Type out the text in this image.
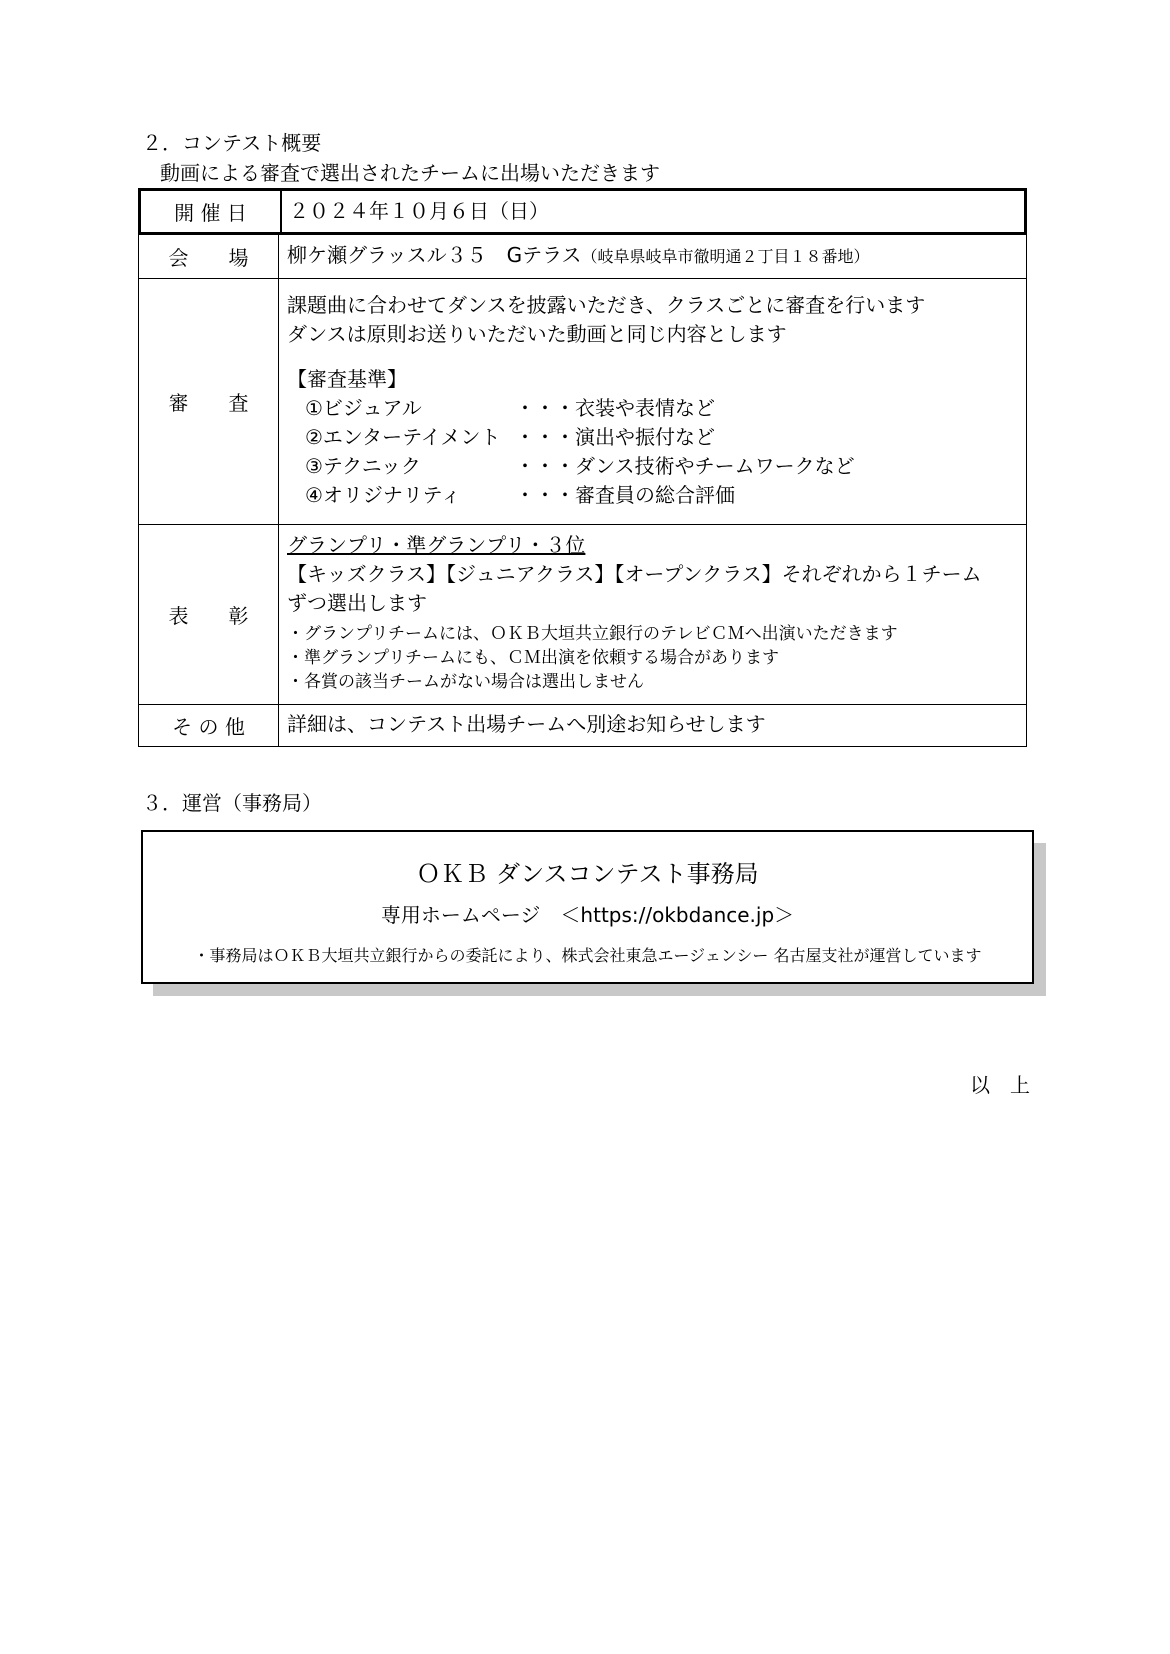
２．コンテスト概要
動画による審査で選出されたチームに出場いただきます
開 催 日 ２０２４年１０月６日（日）
会　　場 柳ケ瀬グラッスル３５　Gテラス（岐阜県岐阜市徹明通２丁目１８番地）
審　　査
課題曲に合わせてダンスを披露いただき、クラスごとに審査を行います
ダンスは原則お送りいただいた動画と同じ内容とします
【審査基準】
①ビジュアル	・・・衣装や表情など
②エンターテイメント ・・・演出や振付など
③テクニック	・・・ダンス技術やチームワークなど
④オリジナリティ	・・・審査員の総合評価
表　　彰
グランプリ・準グランプリ・３位
【キッズクラス】【ジュニアクラス】【オープンクラス】それぞれから１チーム
ずつ選出します
・グランプリチームには、ＯＫＢ大垣共立銀行のテレビＣＭへ出演いただきます
・準グランプリチームにも、ＣＭ出演を依頼する場合があります
・各賞の該当チームがない場合は選出しません
そ の 他 詳細は、コンテスト出場チームへ別途お知らせします
３．運営（事務局）
ＯＫＢ ダンスコンテスト事務局
専用ホームページ　＜https://okbdance.jp＞
・事務局はＯＫＢ大垣共立銀行からの委託により、株式会社東急エージェンシー 名古屋支社が運営しています
以　上
